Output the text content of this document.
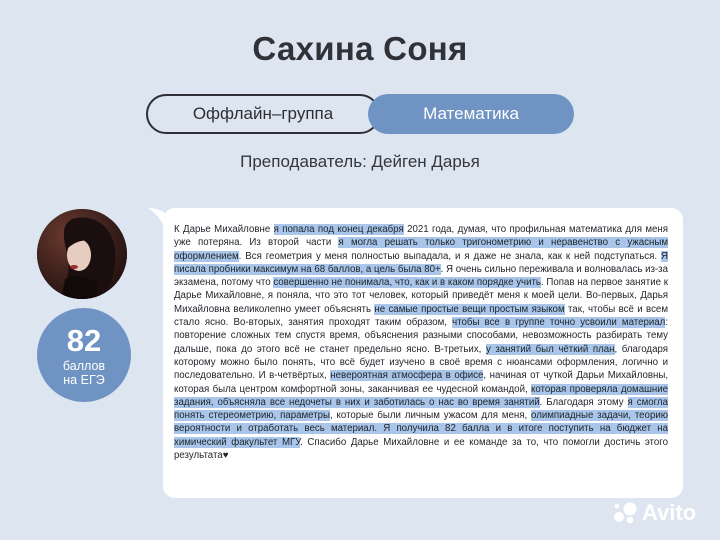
Сахина Соня
Оффлайн–группа	Математика
Преподаватель: Дейген Дарья
82
баллов
на ЕГЭ

К Дарье Михайловне я попала под конец декабря 2021 года, думая, что профильная математика для меня уже потеряна. Из второй части я могла решать только тригонометрию и неравенство с ужасным оформлением. Вся геометрия у меня полностью выпадала, и я даже не знала, как к ней подступаться. Я писала пробники максимум на 68 баллов, а цель была 80+. Я очень сильно переживала и волновалась из-за экзамена, потому что совершенно не понимала, что, как и в каком порядке учить. Попав на первое занятие к Дарье Михайловне, я поняла, что это тот человек, который приведёт меня к моей цели. Во-первых, Дарья Михайловна великолепно умеет объяснять не самые простые вещи простым языком так, чтобы всё и всем стало ясно. Во-вторых, занятия проходят таким образом, чтобы все в группе точно усвоили материал: повторение сложных тем спустя время, объяснения разными способами, невозможность разбирать тему дальше, пока до этого всё не станет предельно ясно. В-третьих, у занятий был чёткий план, благодаря которому можно было понять, что всё будет изучено в своё время с нюансами оформления, логично и последовательно. И в-четвёртых, невероятная атмосфера в офисе, начиная от чуткой Дарьи Михайловны, которая была центром комфортной зоны, заканчивая ее чудесной командой, которая проверяла домашние задания, объясняла все недочеты в них и заботилась о нас во время занятий. Благодаря этому я смогла понять стереометрию, параметры, которые были личным ужасом для меня, олимпиадные задачи, теорию вероятности и отработать весь материал. Я получила 82 балла и в итоге поступить на бюджет на химический факультет МГУ. Спасибо Дарье Михайловне и ее команде за то, что помогли достичь этого результата♥

Avito
